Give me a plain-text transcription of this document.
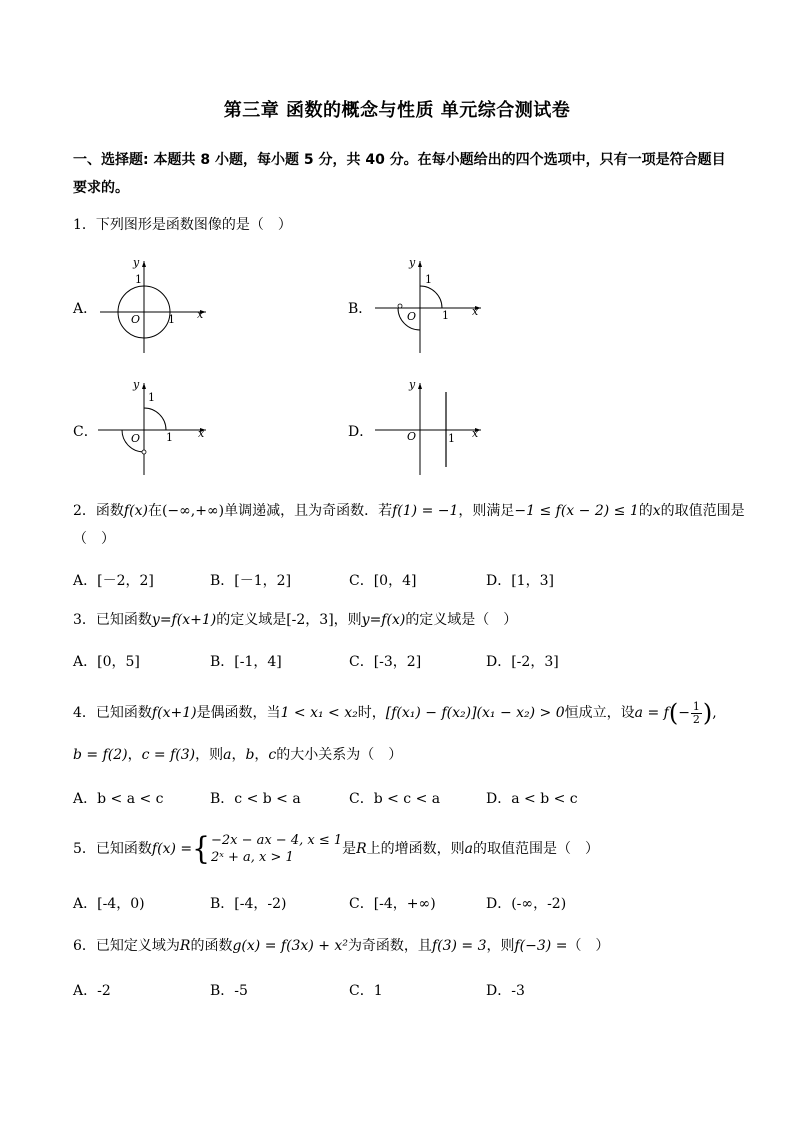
第三章 函数的概念与性质 单元综合测试卷
一、选择题: 本题共 8 小题，每小题 5 分，共 40 分。在每小题给出的四个选项中，只有一项是符合题目要求的。
1．下列图形是函数图像的是（　）
A．	x
y
O	1
1
B．	x
y
O 1
1
C．	x
y
O 1
1
D．	x
y
O	1
2．函数f(x)在(−∞,+∞)单调递减，且为奇函数．若f(1) = −1，则满足−1 ≤ f(x − 2) ≤ 1的x的取值范围是
（　）
A．[－2，2]	B．[－1，2]	C．[0，4]	D．[1，3]
3．已知函数y=f(x+1)的定义域是[-2，3]，则y=f(x)的定义域是（　）
A．[0，5]	B．[-1，4]	C．[-3，2]	D．[-2，3]
4．已知函数f(x+1)是偶函数，当1 < x₁ < x₂时，[f(x₁) − f(x₂)](x₁ − x₂) > 0恒成立，设$a = f(- \frac{1}{2}$ ),
b = f(2)，c = f(3)，则a，b，c的大小关系为（　）
A．b < a < c	B．c < b < a	C．b < c < a	D．a < b < c
5．已知函数f(x) ={ −2x − ax − 4, x ≤ 1
2ˣ + a, x > 1
是R上的增函数，则a的取值范围是（　）
A．[-4，0)	B．[-4，-2)	C．[-4，+∞)	D．(-∞，-2)
6．已知定义域为R的函数g(x) = f(3x) + x²为奇函数，且f(3) = 3，则f(−3) =（　）
A．-2	B．-5	C．1	D．-3
